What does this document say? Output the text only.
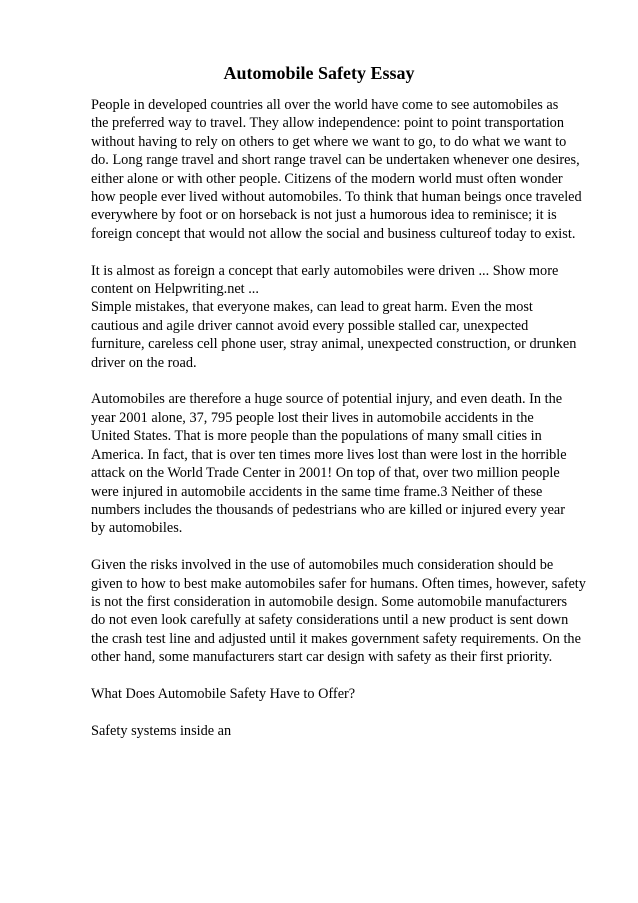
Automobile Safety Essay

People in developed countries all over the world have come to see automobiles as
the preferred way to travel. They allow independence: point to point transportation
without having to rely on others to get where we want to go, to do what we want to
do. Long range travel and short range travel can be undertaken whenever one desires,
either alone or with other people. Citizens of the modern world must often wonder
how people ever lived without automobiles. To think that human beings once traveled
everywhere by foot or on horseback is not just a humorous idea to reminisce; it is
foreign concept that would not allow the social and business cultureof today to exist.

It is almost as foreign a concept that early automobiles were driven ... Show more
content on Helpwriting.net ...
Simple mistakes, that everyone makes, can lead to great harm. Even the most
cautious and agile driver cannot avoid every possible stalled car, unexpected
furniture, careless cell phone user, stray animal, unexpected construction, or drunken
driver on the road.

Automobiles are therefore a huge source of potential injury, and even death. In the
year 2001 alone, 37, 795 people lost their lives in automobile accidents in the
United States. That is more people than the populations of many small cities in
America. In fact, that is over ten times more lives lost than were lost in the horrible
attack on the World Trade Center in 2001! On top of that, over two million people
were injured in automobile accidents in the same time frame.3 Neither of these
numbers includes the thousands of pedestrians who are killed or injured every year
by automobiles.

Given the risks involved in the use of automobiles much consideration should be
given to how to best make automobiles safer for humans. Often times, however, safety
is not the first consideration in automobile design. Some automobile manufacturers
do not even look carefully at safety considerations until a new product is sent down
the crash test line and adjusted until it makes government safety requirements. On the
other hand, some manufacturers start car design with safety as their first priority.

What Does Automobile Safety Have to Offer?

Safety systems inside an
